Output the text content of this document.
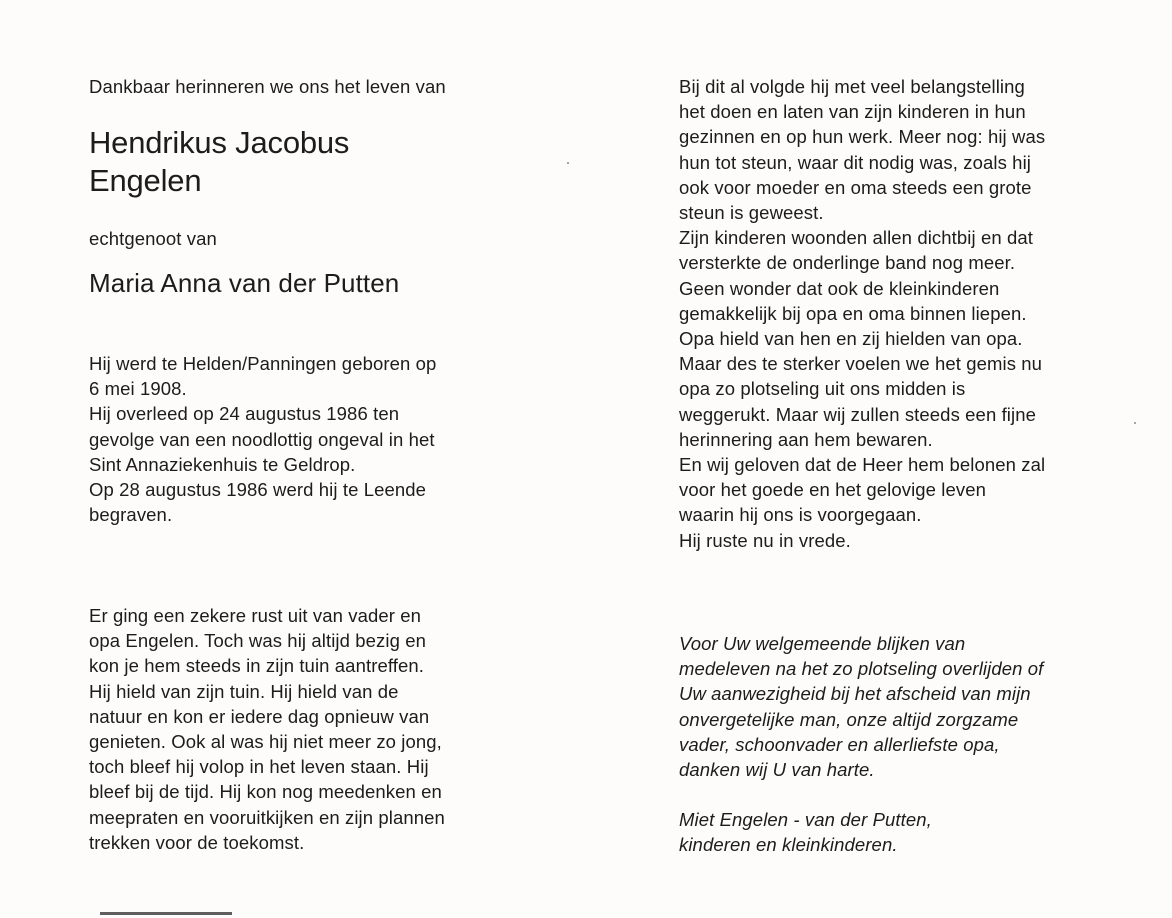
Dankbaar herinneren we ons het leven van
Hendrikus Jacobus
Engelen
echtgenoot van
Maria Anna van der Putten
Hij werd te Helden/Panningen geboren op
6 mei 1908.
Hij overleed op 24 augustus 1986 ten
gevolge van een noodlottig ongeval in het
Sint Annaziekenhuis te Geldrop.
Op 28 augustus 1986 werd hij te Leende
begraven.
Er ging een zekere rust uit van vader en
opa Engelen. Toch was hij altijd bezig en
kon je hem steeds in zijn tuin aantreffen.
Hij hield van zijn tuin. Hij hield van de
natuur en kon er iedere dag opnieuw van
genieten. Ook al was hij niet meer zo jong,
toch bleef hij volop in het leven staan. Hij
bleef bij de tijd. Hij kon nog meedenken en
meepraten en vooruitkijken en zijn plannen
trekken voor de toekomst.
Bij dit al volgde hij met veel belangstelling
het doen en laten van zijn kinderen in hun
gezinnen en op hun werk. Meer nog: hij was
hun tot steun, waar dit nodig was, zoals hij
ook voor moeder en oma steeds een grote
steun is geweest.
Zijn kinderen woonden allen dichtbij en dat
versterkte de onderlinge band nog meer.
Geen wonder dat ook de kleinkinderen
gemakkelijk bij opa en oma binnen liepen.
Opa hield van hen en zij hielden van opa.
Maar des te sterker voelen we het gemis nu
opa zo plotseling uit ons midden is
weggerukt. Maar wij zullen steeds een fijne
herinnering aan hem bewaren.
En wij geloven dat de Heer hem belonen zal
voor het goede en het gelovige leven
waarin hij ons is voorgegaan.
Hij ruste nu in vrede.
Voor Uw welgemeende blijken van
medeleven na het zo plotseling overlijden of
Uw aanwezigheid bij het afscheid van mijn
onvergetelijke man, onze altijd zorgzame
vader, schoonvader en allerliefste opa,
danken wij U van harte.
Miet Engelen - van der Putten,
kinderen en kleinkinderen.
